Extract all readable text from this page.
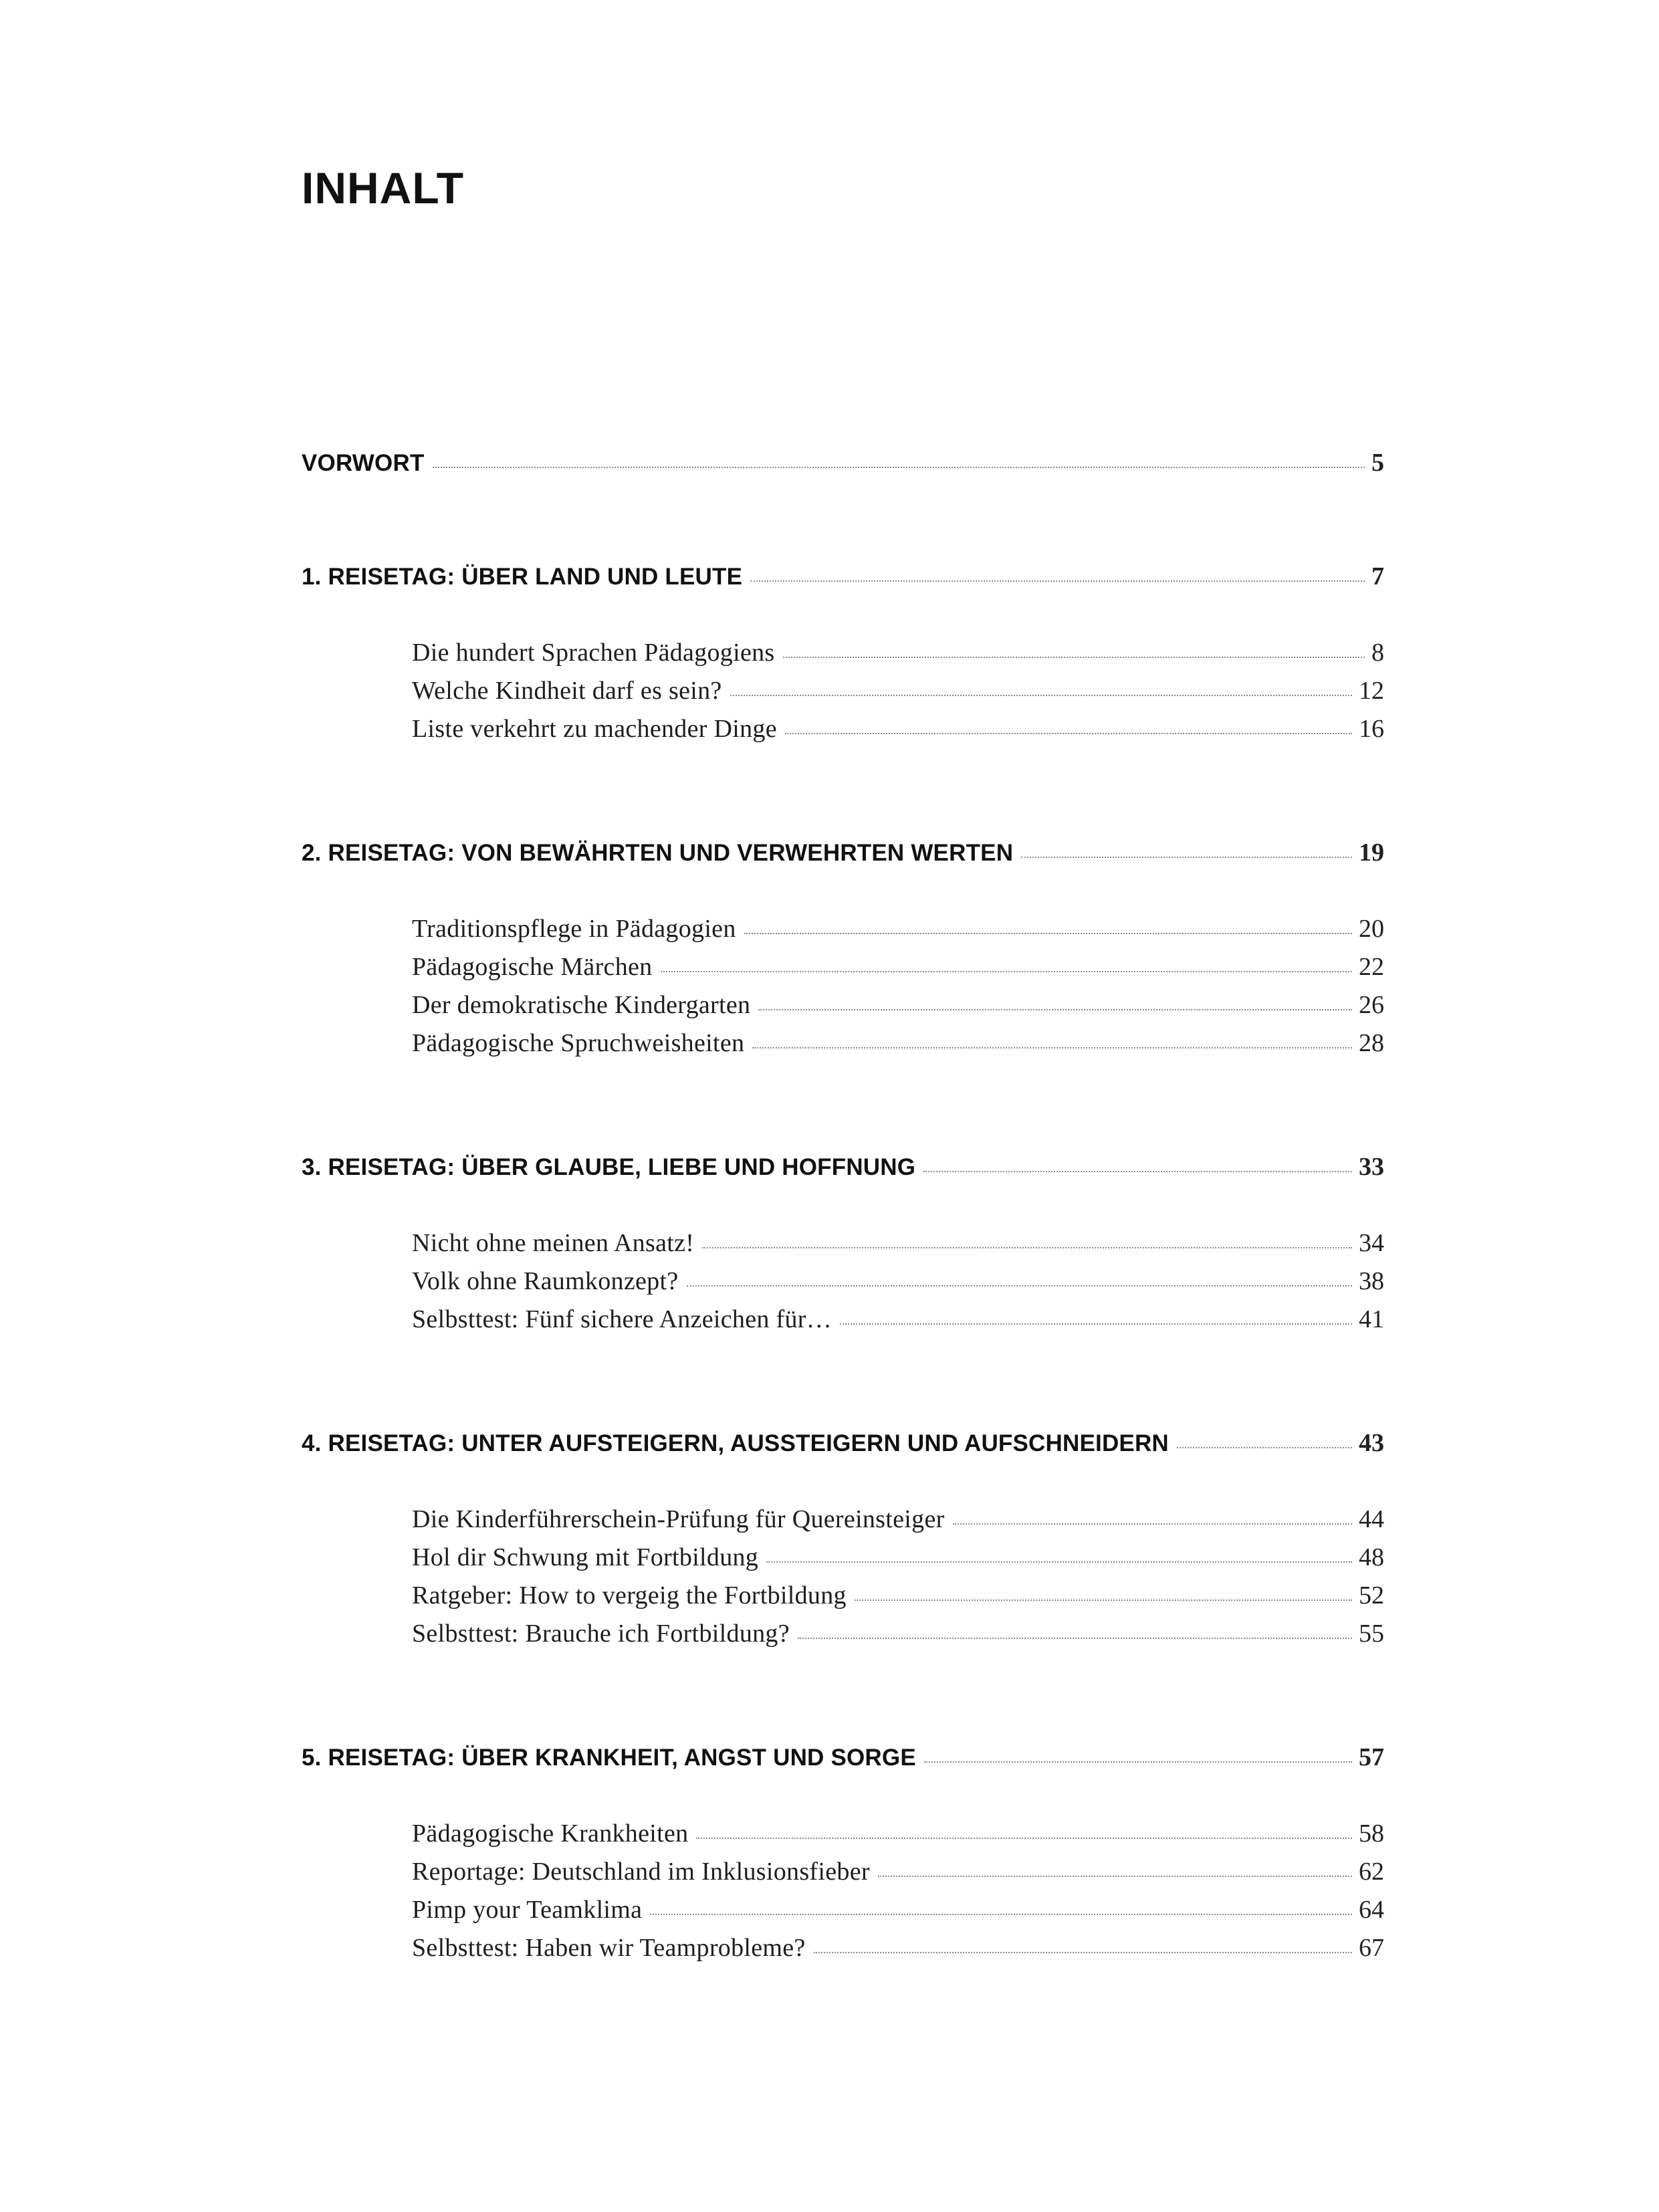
INHALT
VORWORT	5
1. REISETAG: ÜBER LAND UND LEUTE	7
Die hundert Sprachen Pädagogiens	8
Welche Kindheit darf es sein?	12
Liste verkehrt zu machender Dinge	16
2. REISETAG: VON BEWÄHRTEN UND VERWEHRTEN WERTEN	19
Traditionspflege in Pädagogien	20
Pädagogische Märchen	22
Der demokratische Kindergarten	26
Pädagogische Spruchweisheiten	28
3. REISETAG: ÜBER GLAUBE, LIEBE UND HOFFNUNG	33
Nicht ohne meinen Ansatz!	34
Volk ohne Raumkonzept?	38
Selbsttest: Fünf sichere Anzeichen für…	41
4. REISETAG: UNTER AUFSTEIGERN, AUSSTEIGERN UND AUFSCHNEIDERN	43
Die Kinderführerschein-Prüfung für Quereinsteiger	44
Hol dir Schwung mit Fortbildung	48
Ratgeber: How to vergeig the Fortbildung	52
Selbsttest: Brauche ich Fortbildung?	55
5. REISETAG: ÜBER KRANKHEIT, ANGST UND SORGE	57
Pädagogische Krankheiten	58
Reportage: Deutschland im Inklusionsfieber	62
Pimp your Teamklima	64
Selbsttest: Haben wir Teamprobleme?	67
